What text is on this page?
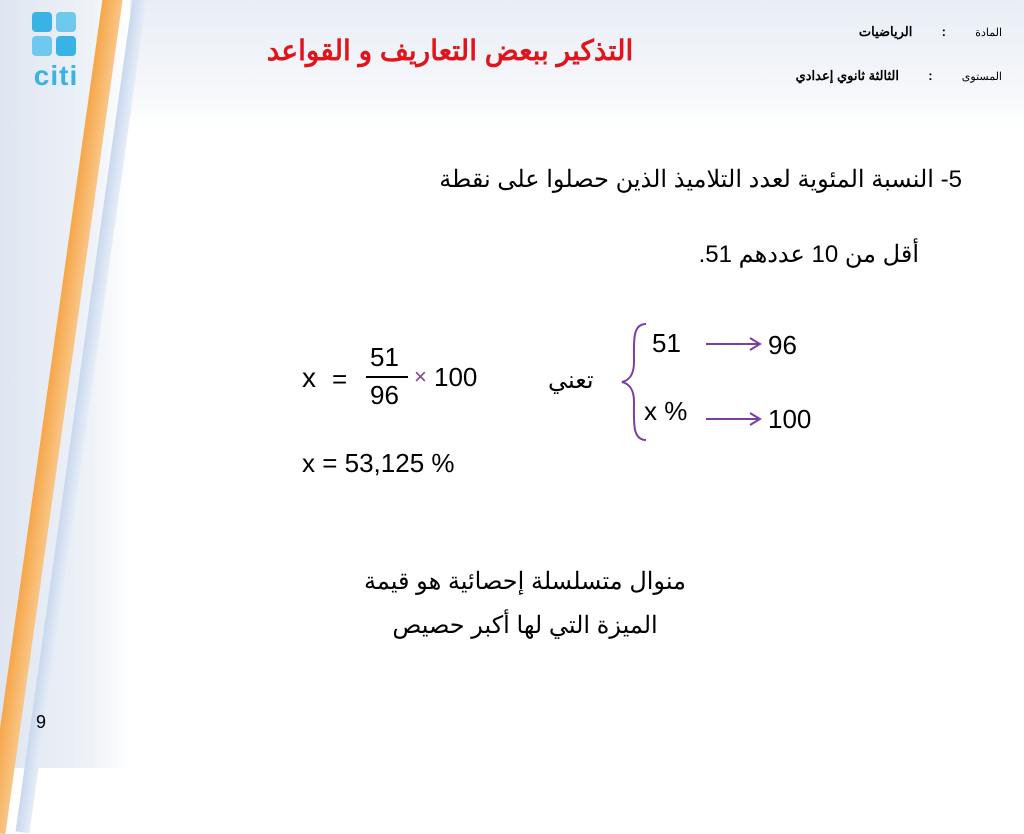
citi
التذكير ببعض التعاريف و القواعد
المادة  :  الرياضيات
المستوى  :  الثالثة ثانوي إعدادي
5- النسبة المئوية لعدد التلاميذ الذين حصلوا على نقطة
أقل من 10 عددهم 51.
51	96
x %	100
تعني
x =
51
96
× 100
x = 53,125 %
منوال متسلسلة إحصائية هو قيمة
الميزة التي لها أكبر حصيص
9
